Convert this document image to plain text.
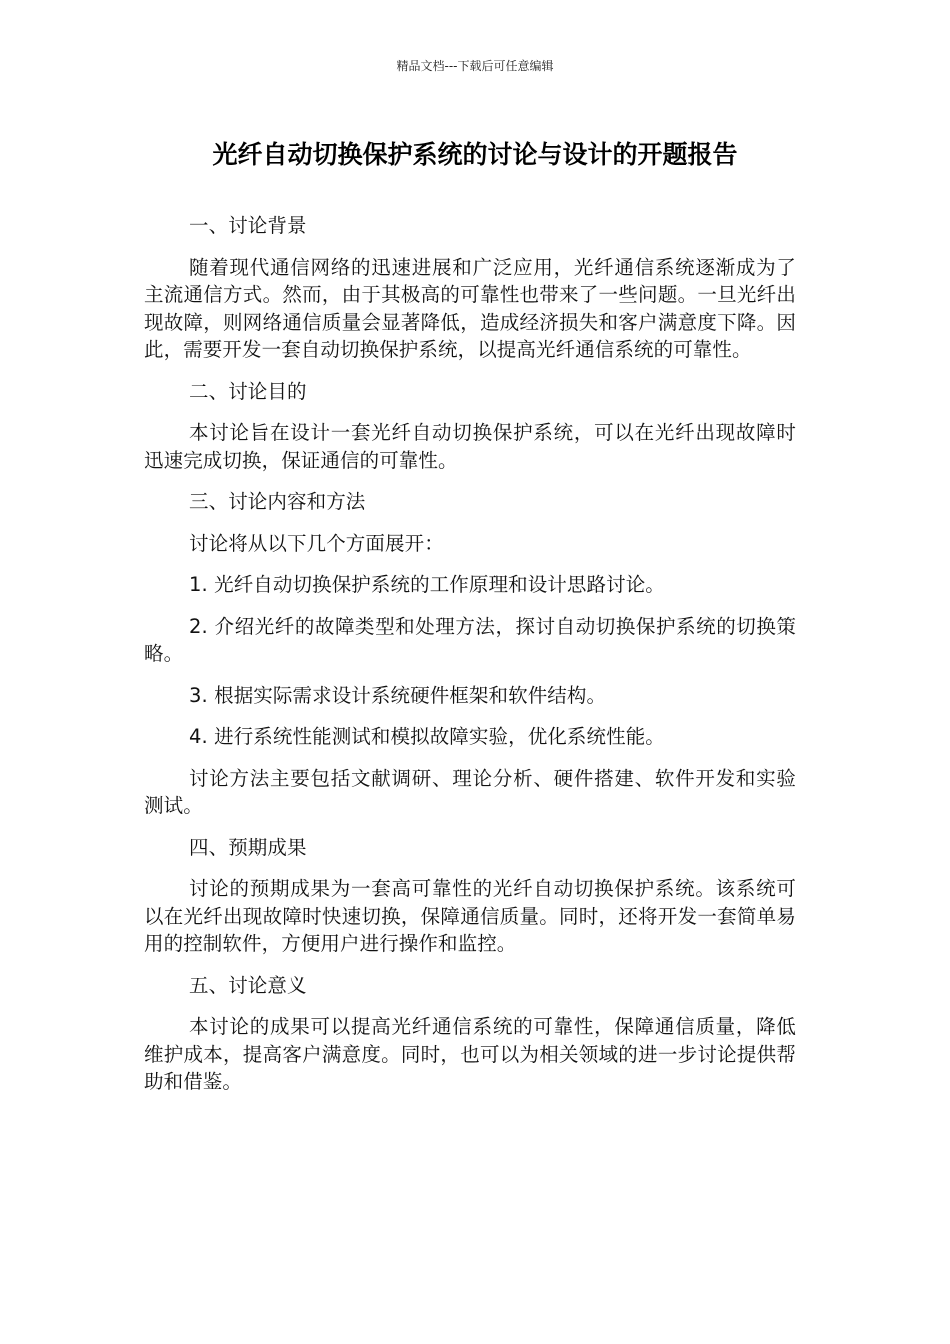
精品文档---下载后可任意编辑
光纤自动切换保护系统的讨论与设计的开题报告

一、讨论背景

随着现代通信网络的迅速进展和广泛应用，光纤通信系统逐渐成为了主流通信方式。然而，由于其极高的可靠性也带来了一些问题。一旦光纤出现故障，则网络通信质量会显著降低，造成经济损失和客户满意度下降。因此，需要开发一套自动切换保护系统，以提高光纤通信系统的可靠性。

二、讨论目的

本讨论旨在设计一套光纤自动切换保护系统，可以在光纤出现故障时迅速完成切换，保证通信的可靠性。

三、讨论内容和方法

讨论将从以下几个方面展开：

1. 光纤自动切换保护系统的工作原理和设计思路讨论。

2. 介绍光纤的故障类型和处理方法，探讨自动切换保护系统的切换策略。

3. 根据实际需求设计系统硬件框架和软件结构。

4. 进行系统性能测试和模拟故障实验，优化系统性能。

讨论方法主要包括文献调研、理论分析、硬件搭建、软件开发和实验测试。

四、预期成果

讨论的预期成果为一套高可靠性的光纤自动切换保护系统。该系统可以在光纤出现故障时快速切换，保障通信质量。同时，还将开发一套简单易用的控制软件，方便用户进行操作和监控。

五、讨论意义

本讨论的成果可以提高光纤通信系统的可靠性，保障通信质量，降低维护成本，提高客户满意度。同时，也可以为相关领域的进一步讨论提供帮助和借鉴。
